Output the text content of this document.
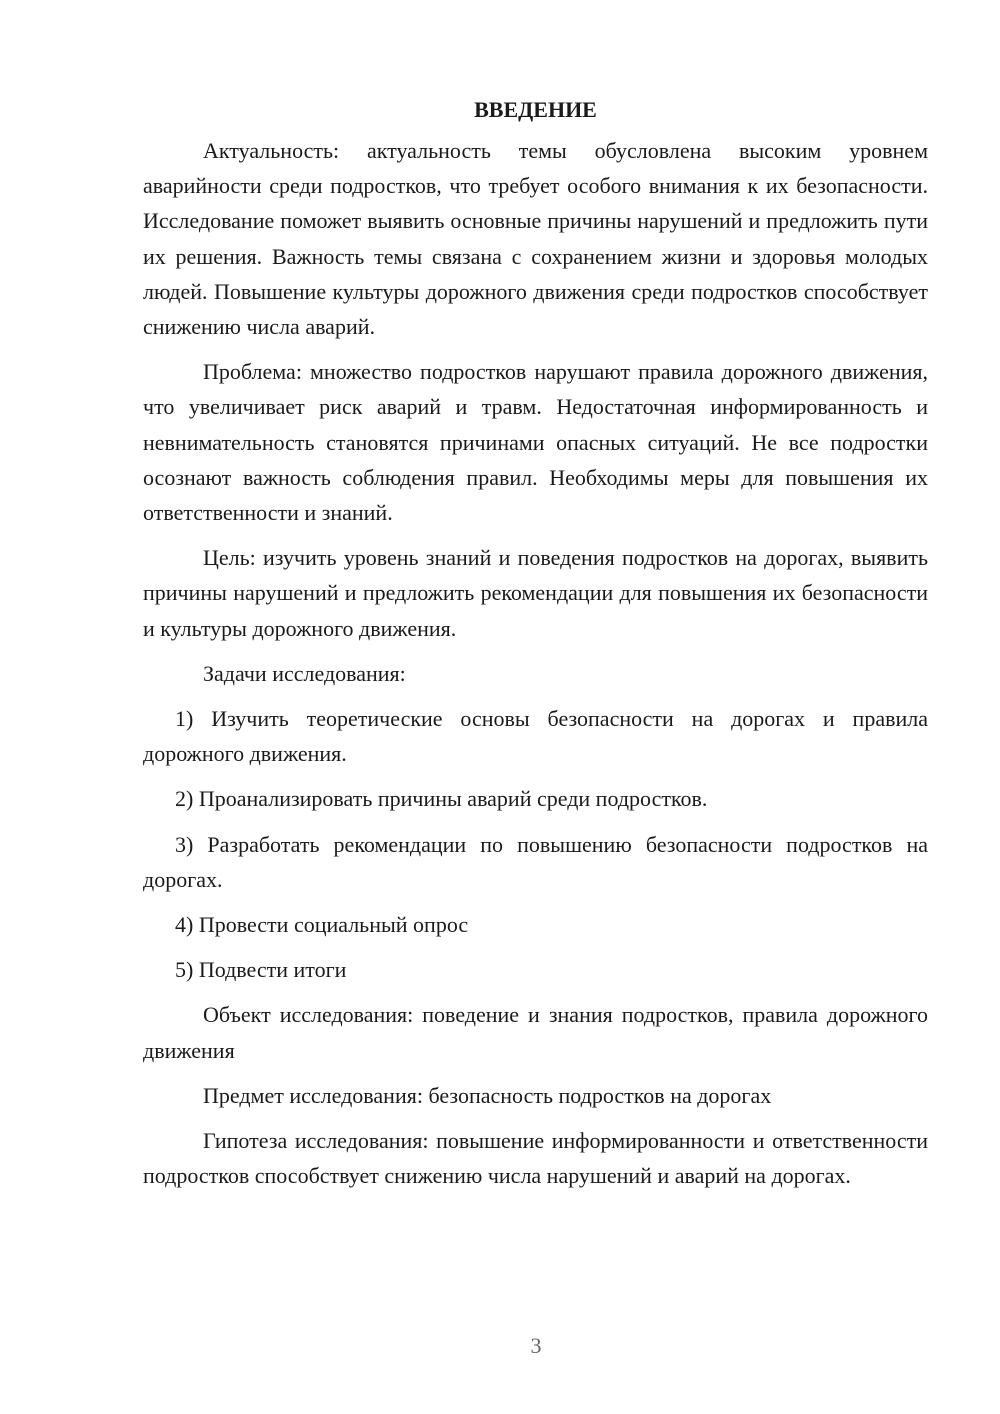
ВВЕДЕНИЕ

Актуальность: актуальность темы обусловлена высоким уровнем аварийности среди подростков, что требует особого внимания к их безопасности. Исследование поможет выявить основные причины нарушений и предложить пути их решения. Важность темы связана с сохранением жизни и здоровья молодых людей. Повышение культуры дорожного движения среди подростков способствует снижению числа аварий.

Проблема: множество подростков нарушают правила дорожного движения, что увеличивает риск аварий и травм. Недостаточная информированность и невнимательность становятся причинами опасных ситуаций. Не все подростки осознают важность соблюдения правил. Необходимы меры для повышения их ответственности и знаний.

Цель: изучить уровень знаний и поведения подростков на дорогах, выявить причины нарушений и предложить рекомендации для повышения их безопасности и культуры дорожного движения.

Задачи исследования:

1) Изучить теоретические основы безопасности на дорогах и правила дорожного движения.

2) Проанализировать причины аварий среди подростков.

3) Разработать рекомендации по повышению безопасности подростков на дорогах.

4) Провести социальный опрос

5) Подвести итоги

Объект исследования: поведение и знания подростков, правила дорожного движения

Предмет исследования: безопасность подростков на дорогах

Гипотеза исследования: повышение информированности и ответственности подростков способствует снижению числа нарушений и аварий на дорогах.

3
